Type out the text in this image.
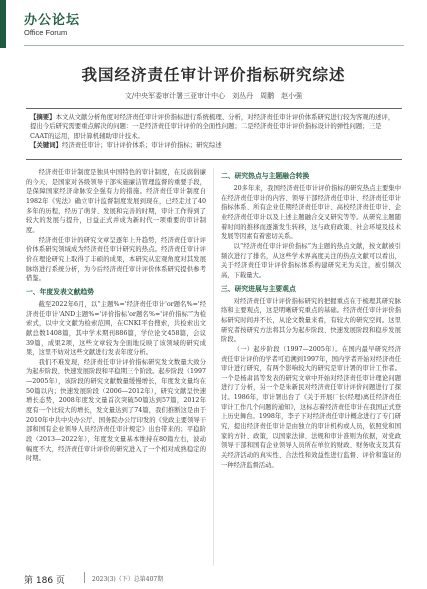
办公论坛
Office Forum
我国经济责任审计评价指标研究综述
文/中央军委审计署三亚审计中心　刘丛丹　周鹏　赵小强
【摘要】本文从文献分析角度对经济责任审计评价指标进行系统梳理、分析，对经济责任审计评价体系研究进行较为客观的述评，提出今后研究需要重点解决的问题：一是经济责任审计评价的全面性问题；二是经济责任审计评价指标设计的弹性问题；三是CAAT的运用，即计算机辅助审计技术。
【关键词】经济责任审计；审计评价体系；审计评价指标；研究综述

经济责任审计制度是独具中国特色的审计制度，在反腐倡廉的今天，是国家对各级领导干部实施廉洁管理监督的重要手段，是保障国家经济命脉安全强有力的措施。经济责任审计制度自1982年《宪法》确立审计监督制度发展到现在，已经走过了40多年的历程，经历了萌芽、发展和完善的时期，审计工作得到了较大的发展与提升，日益正式并成为新时代一项重要的审计制度。

经济责任审计的研究文章呈逐年上升趋势，经济责任审计评价体系研究领域成为经济责任审计研究的热点。经济责任审计评价在理论研究上取得了丰硕的成果，本研究从宏观角度对其发展脉络进行系统分析，为今后经济责任审计评价体系研究提供参考借鉴。

一、年度发表文献趋势

截至2022年6月，以“主题%='经济责任审计'or题名%='经济责任审计'AND主题%='评价指标'or题名%='评价指标'”为检索式，以中文文献为检索范围，在CNKI平台搜索，共检索出文献总数1408篇，其中学术期刊886篇，学位论文458篇，会议39篇，成果2项，这些文章较为全面地反映了该领域的研究成果，这里不妨对这些文献进行发表年度分析。

我们不难发现，经济责任审计评价指标研究发文数量大致分为起步阶段、快速发展阶段和平稳期三个阶段。起步阶段（1997—2005年），该阶段的研究文献数量缓慢增长，年度发文量均在50篇以内；快速发展阶段（2006—2012年），研究文献呈快速增长态势，2008年度发文量首次突破50篇达到57篇，2012年度有一个比较大的增长，发文量达到了74篇，我们推断这是由于2010年中共中央办公厅、国务院办公厅印发的《党政主要领导干部和国有企业领导人员经济责任审计规定》出台带来的；平稳阶段（2013—2022年），年度发文量基本维持在80篇左右，波动幅度不大，经济责任审计评价的研究进入了一个相对成熟稳定的时期。

二、研究热点与主题融合转换

20多年来，我国经济责任审计评价指标的研究热点主要集中在经济责任审计的内容、领导干部经济责任审计、经济责任审计指标体系、所有企业任期经济责任审计、高校经济责任审计、企业经济责任审计以及上述主题融合交叉研究等等。从研究主题随着时间的推移而逐渐发生转移，这与政府政策、社会环境及技术发展等因素有着密切关系。

以“经济责任审计评价指标”为主题的热点文献，按文献被引频次进行了排名，从这些学术界高度关注的热点文献可以看出，关于经济责任审计评价指标体系构建研究无为关注，被引频次高，下载量大。

三、研究进展与主要观点

对经济责任审计评价指标研究的把握重点在于梳理其研究脉络和主要观点，这是明晰研究重点的基础。经济责任审计评价指标研究时间并不长，从论文数量来看，有较大的研究空间。这里研究者按研究方法将其分为起步阶段、快速发展阶段和稳步发展阶段。

（一）起步阶段（1997—2005年）。在国内最早研究经济责任审计评价的学者可追溯到1997年，国内学者开始对经济责任审计进行研究，有两个影响较大的研究是审计署的审计工作者。一个是杨肃昌等发表的研究文章中开始对经济责任审计理论问题进行了分析，另一个是朱新民对经济责任审计评价问题进行了探讨。1986年，审计署出台了《关于开展厂长(经理)离任经济责任审计工作几个问题的通知》，这标志着经济责任审计在我国正式登上历史舞台。1998年，李子下对经济责任审计概念进行了专门研究，提出经济责任审计是由独立的审计机构或人员，依照党和国家的方针、政策，以国家法律、法规和审计准则为依据，对党政领导干部和国有企业领导人员所在单位的财政、财务收支及其有关经济活动的真实性、合法性和效益性进行监督、评价和鉴证的一种经济监督活动。

第 186 页	2023(3)（下）总第407期
